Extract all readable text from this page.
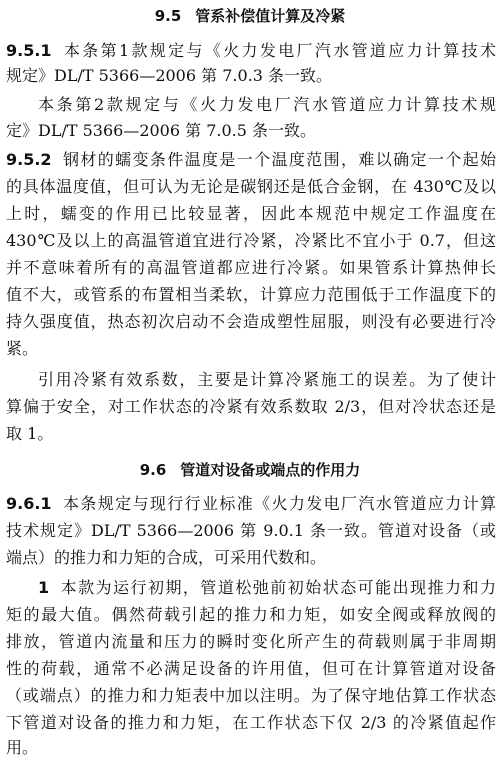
9.5 管系补偿值计算及冷紧
9.5.1 本条第1款规定与《火力发电厂汽水管道应力计算技术
规定》DL/T 5366—2006 第 7.0.3 条一致。
本条第2款规定与《火力发电厂汽水管道应力计算技术规
定》DL/T 5366—2006 第 7.0.5 条一致。
9.5.2 钢材的蠕变条件温度是一个温度范围，难以确定一个起始
的具体温度值，但可认为无论是碳钢还是低合金钢，在 430℃及以
上时，蠕变的作用已比较显著，因此本规范中规定工作温度在
430℃及以上的高温管道宜进行冷紧，冷紧比不宜小于 0.7，但这
并不意味着所有的高温管道都应进行冷紧。如果管系计算热伸长
值不大，或管系的布置相当柔软，计算应力范围低于工作温度下的
持久强度值，热态初次启动不会造成塑性屈服，则没有必要进行冷
紧。
引用冷紧有效系数，主要是计算冷紧施工的误差。为了使计
算偏于安全，对工作状态的冷紧有效系数取 2/3，但对冷状态还是
取 1。
9.6 管道对设备或端点的作用力
9.6.1 本条规定与现行行业标准《火力发电厂汽水管道应力计算
技术规定》DL/T 5366—2006 第 9.0.1 条一致。管道对设备（或
端点）的推力和力矩的合成，可采用代数和。
1 本款为运行初期，管道松弛前初始状态可能出现推力和力
矩的最大值。偶然荷载引起的推力和力矩，如安全阀或释放阀的
排放，管道内流量和压力的瞬时变化所产生的荷载则属于非周期
性的荷载，通常不必满足设备的许用值，但可在计算管道对设备
（或端点）的推力和力矩表中加以注明。为了保守地估算工作状态
下管道对设备的推力和力矩，在工作状态下仅 2/3 的冷紧值起作
用。
